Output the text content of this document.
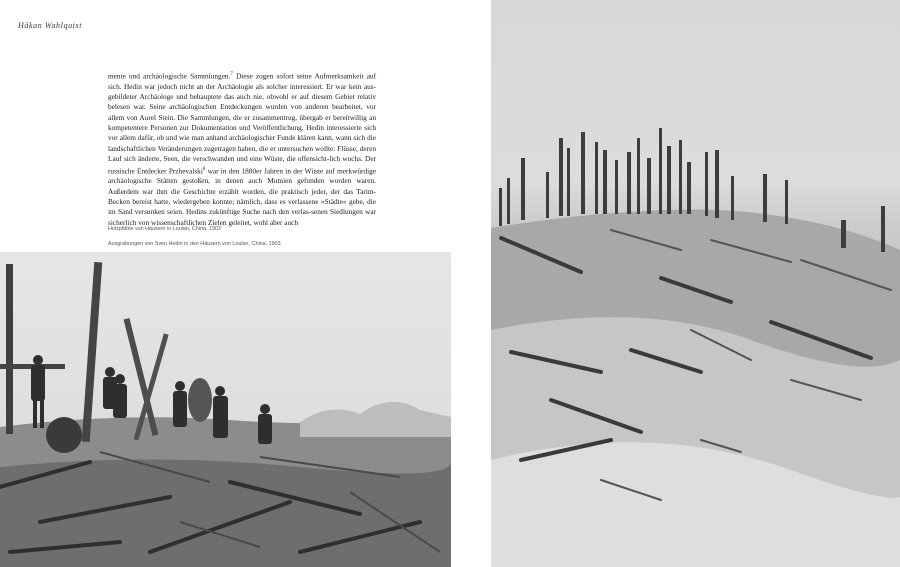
Håkan Wahlquist

mente und archäologische Sammlungen.$^7$ Diese zogen sofort seine Aufmerksamkeit auf sich. Hedin war jedoch nicht an der Archäologie als solcher interessiert. Er war kein aus-gebildeter Archäologe und behauptete das auch nie, obwohl er auf diesem Gebiet relativ belesen war. Seine archäologischen Entdeckungen wurden von anderen bearbeitet, vor allem von Aurel Stein. Die Sammlungen, die er zusammentrug, übergab er bereitwillig an kompetentere Personen zur Dokumentation und Veröffentlichung. Hedin interessierte sich vor allem dafür, ob und wie man anhand archäologischer Funde klären kann, wann sich die landschaftlichen Veränderungen zugetragen haben, die er untersuchen wollte: Flüsse, deren Lauf sich änderte, Seen, die verschwanden und eine Wüste, die offensicht-lich wuchs. Der russische Entdecker Przhevalski$^8$ war in den 1880er Jahren in der Wüste auf merkwürdige archäologische Stätten gestoßen, in denen auch Mumien gefunden worden waren. Außerdem war ihm die Geschichte erzählt worden, die praktisch jeder, der das Tarim-Becken bereist hatte, wiedergeben konnte; nämlich, dass es verlassene »Städte« gebe, die im Sand versunken seien. Hedins zukünftige Suche nach den verlas-senen Siedlungen war sicherlich von wissenschaftlichen Zielen geleitet, wohl aber auch

Holzpfähle von Häusern in Loulan, China, 1903
Ausgrabungen von Sven Hedin in den Häusern von Loulan, China, 1903
